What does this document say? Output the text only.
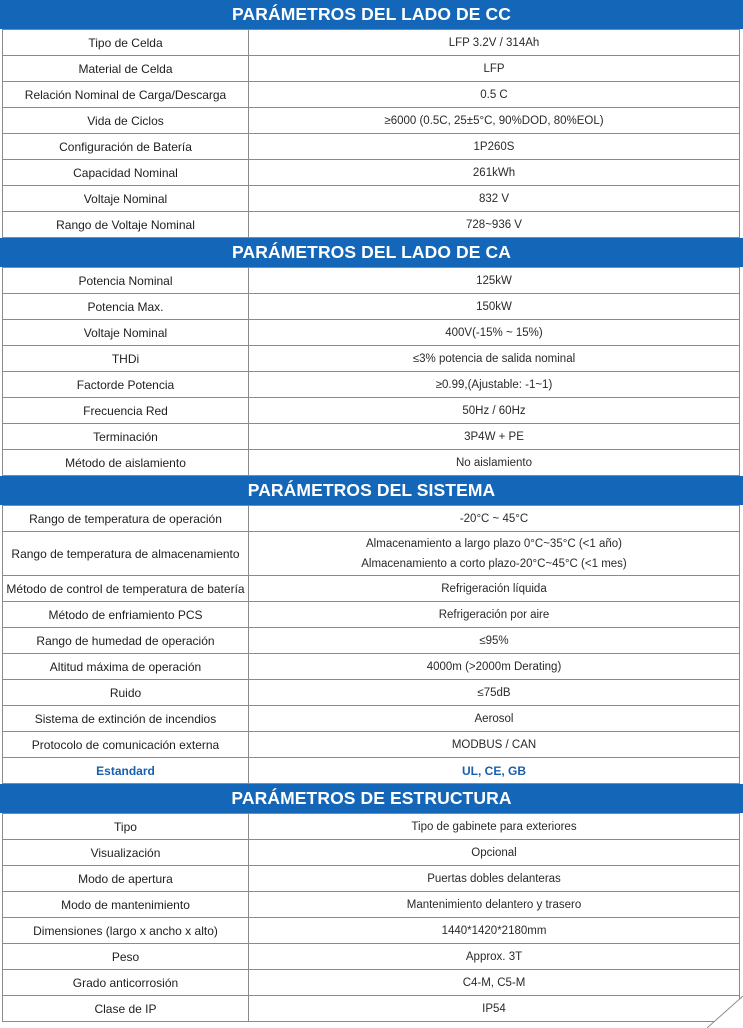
PARÁMETROS DEL LADO DE CC
Tipo de Celda	LFP 3.2V / 314Ah
Material de Celda	LFP
Relación Nominal de Carga/Descarga	0.5 C
Vida de Ciclos	≥6000 (0.5C, 25±5°C, 90%DOD, 80%EOL)
Configuración de Batería	1P260S
Capacidad Nominal	261kWh
Voltaje Nominal	832 V
Rango de Voltaje Nominal	728~936 V
PARÁMETROS DEL LADO DE CA
Potencia Nominal	125kW
Potencia Max.	150kW
Voltaje Nominal	400V(-15% ~ 15%)
THDi	≤3% potencia de salida nominal
Factorde Potencia	≥0.99,(Ajustable: -1~1)
Frecuencia Red	50Hz / 60Hz
Terminación	3P4W + PE
Método de aislamiento	No aislamiento
PARÁMETROS DEL SISTEMA
Rango de temperatura de operación	-20°C ~ 45°C
Rango de temperatura de almacenamiento	Almacenamiento a largo plazo 0°C~35°C (<1 año)
Almacenamiento a corto plazo-20°C~45°C (<1 mes)

Método de control de temperatura de batería	Refrigeración líquida
Método de enfriamiento PCS	Refrigeración por aire
Rango de humedad de operación	≤95%
Altitud máxima de operación	4000m (>2000m Derating)
Ruido	≤75dB
Sistema de extinción de incendios	Aerosol
Protocolo de comunicación externa	MODBUS / CAN
Estandard	UL, CE, GB
PARÁMETROS DE ESTRUCTURA
Tipo	Tipo de gabinete para exteriores
Visualización	Opcional
Modo de apertura	Puertas dobles delanteras
Modo de mantenimiento	Mantenimiento delantero y trasero
Dimensiones (largo x ancho x alto)	1440*1420*2180mm
Peso	Approx. 3T
Grado anticorrosión	C4-M, C5-M
Clase de IP	IP54
